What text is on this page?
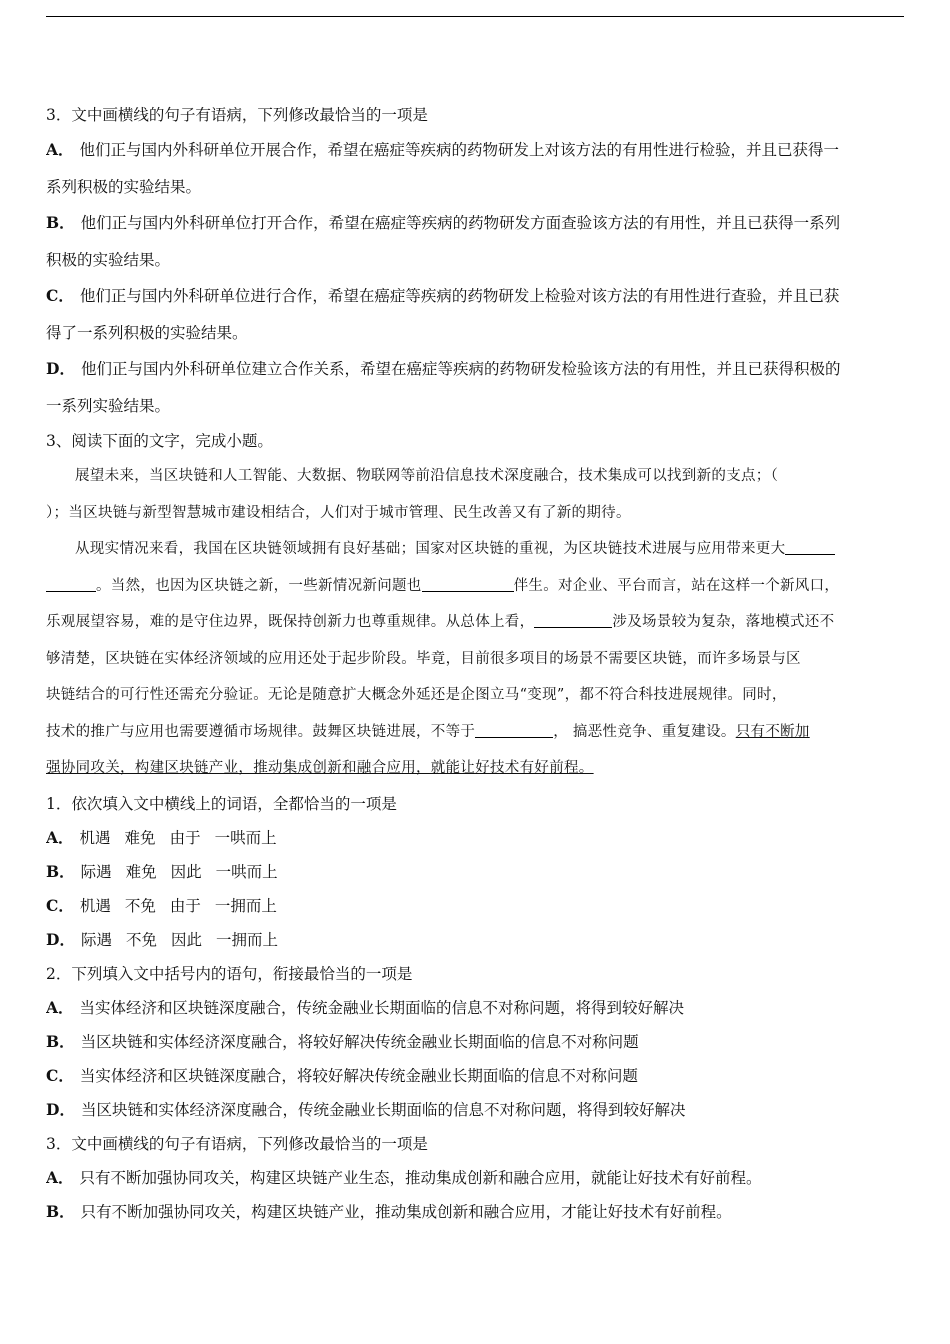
3．文中画横线的句子有语病，下列修改最恰当的一项是
A． 他们正与国内外科研单位开展合作，希望在癌症等疾病的药物研发上对该方法的有用性进行检验，并且已获得一
系列积极的实验结果。
B． 他们正与国内外科研单位打开合作，希望在癌症等疾病的药物研发方面查验该方法的有用性，并且已获得一系列
积极的实验结果。
C． 他们正与国内外科研单位进行合作，希望在癌症等疾病的药物研发上检验对该方法的有用性进行查验，并且已获
得了一系列积极的实验结果。
D． 他们正与国内外科研单位建立合作关系，希望在癌症等疾病的药物研发检验该方法的有用性，并且已获得积极的
一系列实验结果。
3、阅读下面的文字，完成小题。
展望未来，当区块链和人工智能、大数据、物联网等前沿信息技术深度融合，技术集成可以找到新的支点；（
）；当区块链与新型智慧城市建设相结合，人们对于城市管理、民生改善又有了新的期待。
从现实情况来看，我国在区块链领域拥有良好基础；国家对区块链的重视，为区块链技术进展与应用带来更大
。当然，也因为区块链之新，一些新情况新问题也	伴生。对企业、平台而言，站在这样一个新风口，
乐观展望容易，难的是守住边界，既保持创新力也尊重规律。从总体上看，	涉及场景较为复杂，落地模式还不
够清楚，区块链在实体经济领域的应用还处于起步阶段。毕竟，目前很多项目的场景不需要区块链，而许多场景与区
块链结合的可行性还需充分验证。无论是随意扩大概念外延还是企图立马“变现”，都不符合科技进展规律。同时，
技术的推广与应用也需要遵循市场规律。鼓舞区块链进展，不等于	， 搞恶性竞争、重复建设。只有不断加
强协同攻关，构建区块链产业，推动集成创新和融合应用，就能让好技术有好前程。
1．依次填入文中横线上的词语，全都恰当的一项是
A． 机遇 难免 由于 一哄而上
B． 际遇 难免 因此 一哄而上
C． 机遇 不免 由于 一拥而上
D． 际遇 不免 因此 一拥而上
2．下列填入文中括号内的语句，衔接最恰当的一项是
A． 当实体经济和区块链深度融合，传统金融业长期面临的信息不对称问题，将得到较好解决
B． 当区块链和实体经济深度融合，将较好解决传统金融业长期面临的信息不对称问题
C． 当实体经济和区块链深度融合，将较好解决传统金融业长期面临的信息不对称问题
D． 当区块链和实体经济深度融合，传统金融业长期面临的信息不对称问题，将得到较好解决
3．文中画横线的句子有语病，下列修改最恰当的一项是
A． 只有不断加强协同攻关，构建区块链产业生态，推动集成创新和融合应用，就能让好技术有好前程。
B． 只有不断加强协同攻关，构建区块链产业，推动集成创新和融合应用，才能让好技术有好前程。
